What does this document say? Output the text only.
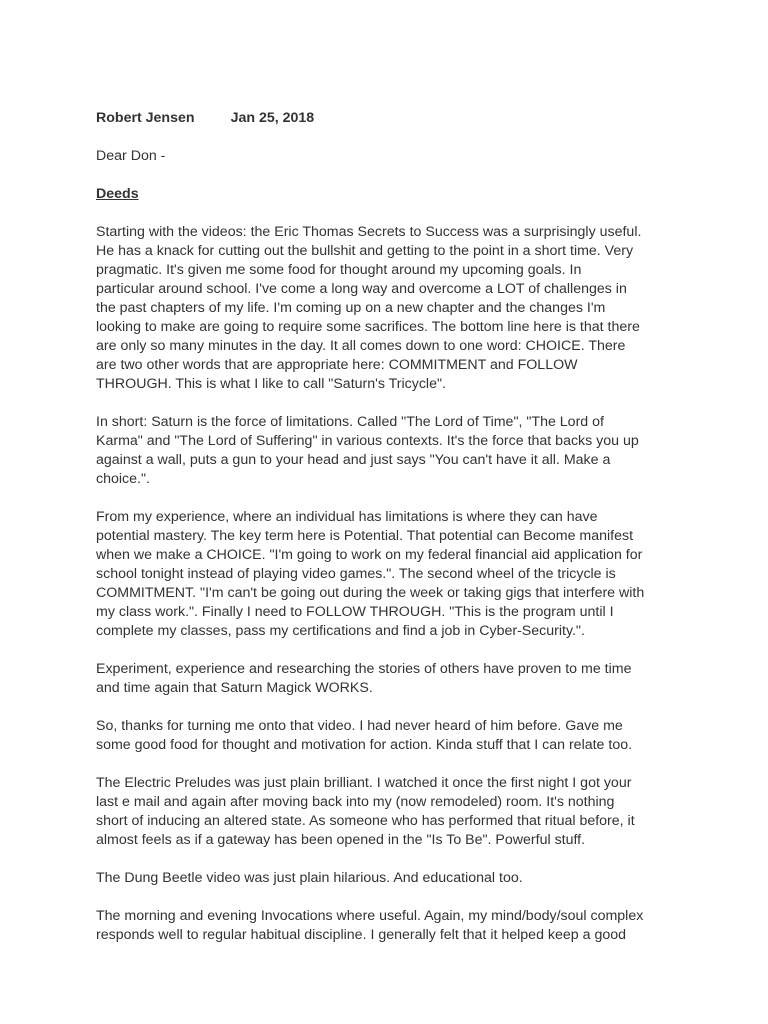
Robert Jensen	Jan 25, 2018
Dear Don -
Deeds
Starting with the videos: the Eric Thomas Secrets to Success was a surprisingly useful.
He has a knack for cutting out the bullshit and getting to the point in a short time. Very
pragmatic. It's given me some food for thought around my upcoming goals. In
particular around school. I've come a long way and overcome a LOT of challenges in
the past chapters of my life. I'm coming up on a new chapter and the changes I'm
looking to make are going to require some sacrifices. The bottom line here is that there
are only so many minutes in the day. It all comes down to one word: CHOICE. There
are two other words that are appropriate here: COMMITMENT and FOLLOW
THROUGH. This is what I like to call "Saturn's Tricycle".
In short: Saturn is the force of limitations. Called "The Lord of Time", "The Lord of
Karma" and "The Lord of Suffering" in various contexts. It's the force that backs you up
against a wall, puts a gun to your head and just says "You can't have it all. Make a
choice.".
From my experience, where an individual has limitations is where they can have
potential mastery. The key term here is Potential. That potential can Become manifest
when we make a CHOICE. "I'm going to work on my federal financial aid application for
school tonight instead of playing video games.". The second wheel of the tricycle is
COMMITMENT. "I'm can't be going out during the week or taking gigs that interfere with
my class work.". Finally I need to FOLLOW THROUGH. "This is the program until I
complete my classes, pass my certifications and find a job in Cyber-Security.".
Experiment, experience and researching the stories of others have proven to me time
and time again that Saturn Magick WORKS.
So, thanks for turning me onto that video. I had never heard of him before. Gave me
some good food for thought and motivation for action. Kinda stuff that I can relate too.
The Electric Preludes was just plain brilliant. I watched it once the first night I got your
last e mail and again after moving back into my (now remodeled) room. It's nothing
short of inducing an altered state. As someone who has performed that ritual before, it
almost feels as if a gateway has been opened in the "Is To Be". Powerful stuff.
The Dung Beetle video was just plain hilarious. And educational too.
The morning and evening Invocations where useful. Again, my mind/body/soul complex
responds well to regular habitual discipline. I generally felt that it helped keep a good
